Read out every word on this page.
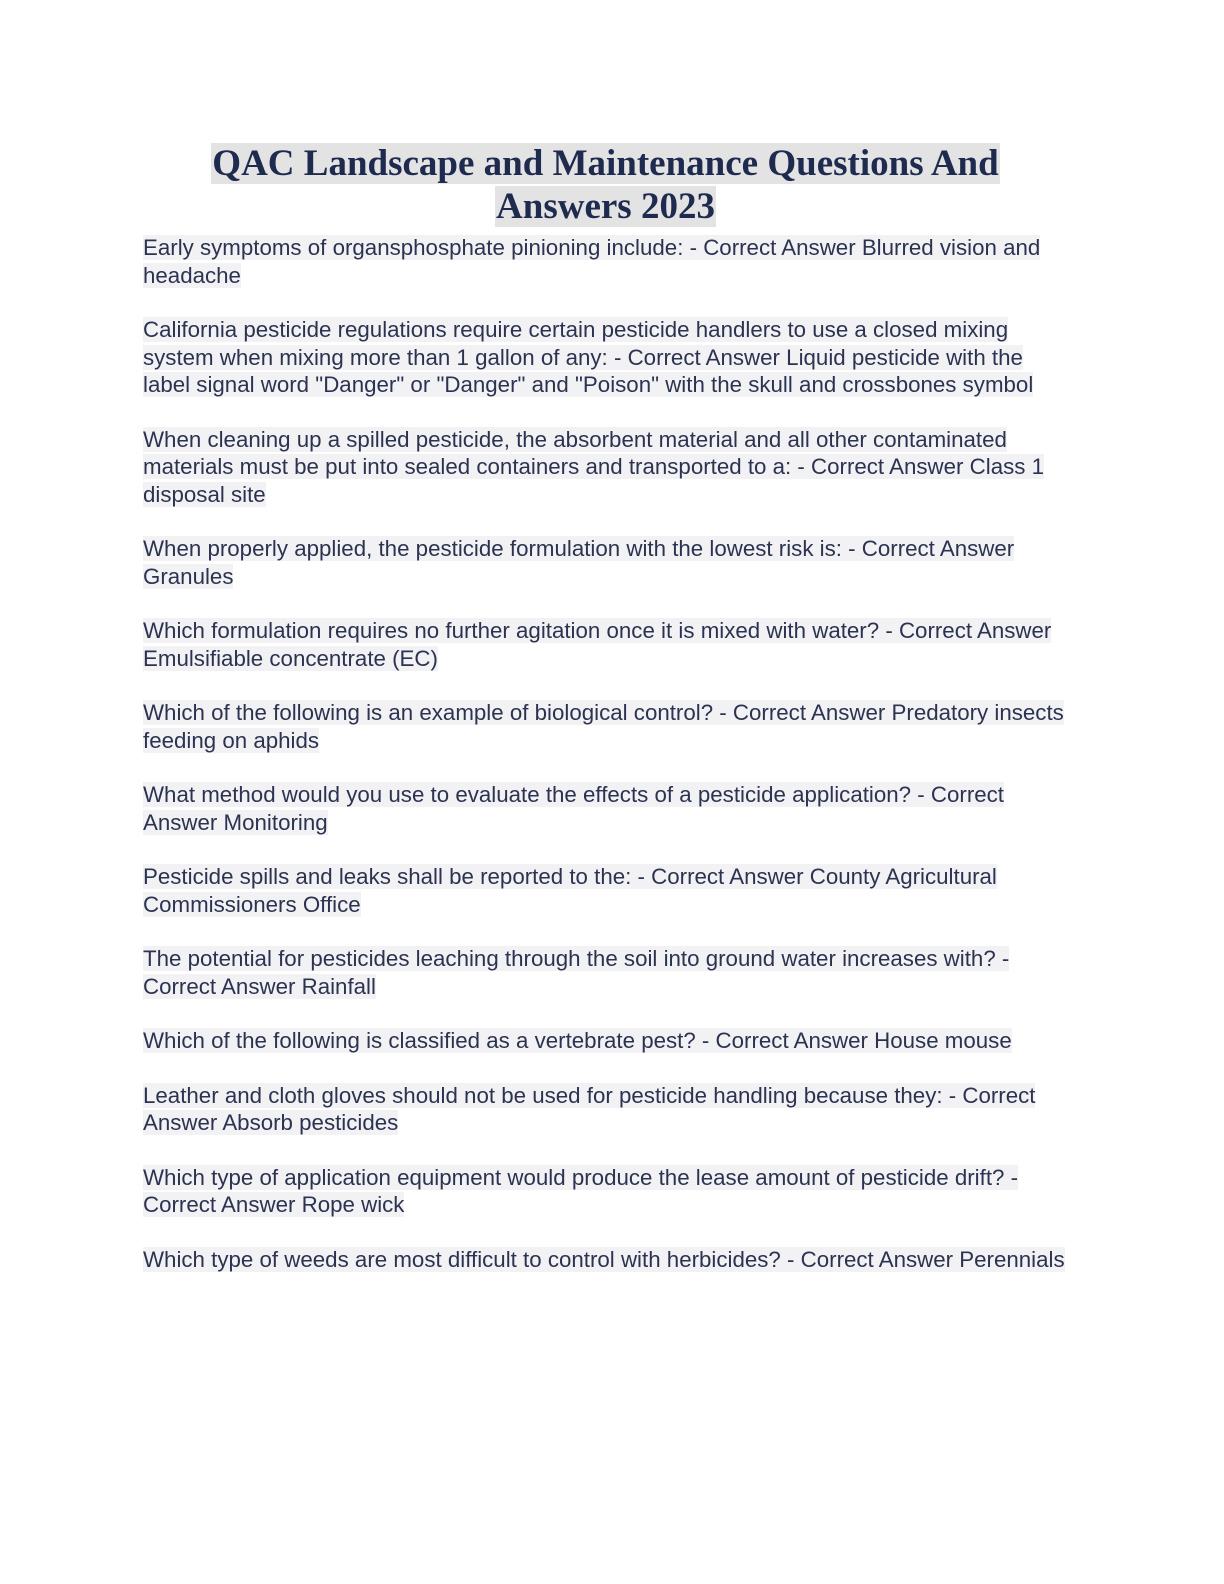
QAC Landscape and Maintenance Questions And Answers 2023
Early symptoms of organsphosphate pinioning include: - Correct Answer Blurred vision and headache
California pesticide regulations require certain pesticide handlers to use a closed mixing system when mixing more than 1 gallon of any: - Correct Answer Liquid pesticide with the label signal word "Danger" or "Danger" and "Poison" with the skull and crossbones symbol
When cleaning up a spilled pesticide, the absorbent material and all other contaminated materials must be put into sealed containers and transported to a: - Correct Answer Class 1 disposal site
When properly applied, the pesticide formulation with the lowest risk is: - Correct Answer Granules
Which formulation requires no further agitation once it is mixed with water? - Correct Answer Emulsifiable concentrate (EC)
Which of the following is an example of biological control? - Correct Answer Predatory insects feeding on aphids
What method would you use to evaluate the effects of a pesticide application? - Correct Answer Monitoring
Pesticide spills and leaks shall be reported to the: - Correct Answer County Agricultural Commissioners Office
The potential for pesticides leaching through the soil into ground water increases with? - Correct Answer Rainfall
Which of the following is classified as a vertebrate pest? - Correct Answer House mouse
Leather and cloth gloves should not be used for pesticide handling because they: - Correct Answer Absorb pesticides
Which type of application equipment would produce the lease amount of pesticide drift? - Correct Answer Rope wick
Which type of weeds are most difficult to control with herbicides? - Correct Answer Perennials
